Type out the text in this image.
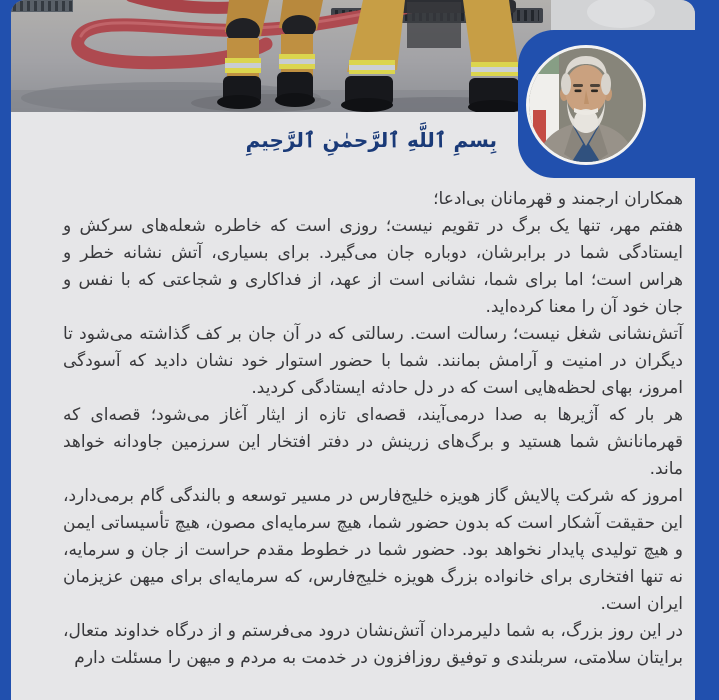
بِسمِ ٱللَّهِ ٱلرَّحمٰنِ ٱلرَّحِیمِ

همکاران ارجمند و قهرمانان بی‌ادعا؛

هفتم مهر، تنها یک برگ در تقویم نیست؛ روزی است که خاطره شعله‌های سرکش و ایستادگی شما در برابرشان، دوباره جان می‌گیرد. برای بسیاری، آتش نشانه خطر و هراس است؛ اما برای شما، نشانی است از عهد، از فداکاری و شجاعتی که با نفس و جان خود آن را معنا کرده‌اید.

آتش‌نشانی شغل نیست؛ رسالت است. رسالتی که در آن جان بر کف گذاشته می‌شود تا دیگران در امنیت و آرامش بمانند. شما با حضور استوار خود نشان دادید که آسودگی امروز، بهای لحظه‌هایی است که در دل حادثه ایستادگی کردید.

هر بار که آژیرها به صدا درمی‌آیند، قصه‌ای تازه از ایثار آغاز می‌شود؛ قصه‌ای که قهرمانانش شما هستید و برگ‌های زرینش در دفتر افتخار این سرزمین جاودانه خواهد ماند.

امروز که شرکت پالایش گاز هویزه خلیج‌فارس در مسیر توسعه و بالندگی گام برمی‌دارد، این حقیقت آشکار است که بدون حضور شما، هیچ سرمایه‌ای مصون، هیچ تأسیساتی ایمن و هیچ تولیدی پایدار نخواهد بود. حضور شما در خطوط مقدم حراست از جان و سرمایه، نه تنها افتخاری برای خانواده بزرگ هویزه خلیج‌فارس، که سرمایه‌ای برای میهن عزیزمان ایران است.

در این روز بزرگ، به شما دلیرمردان آتش‌نشان درود می‌فرستم و از درگاه خداوند متعال، برایتان سلامتی، سربلندی و توفیق روزافزون در خدمت به مردم و میهن را مسئلت دارم
